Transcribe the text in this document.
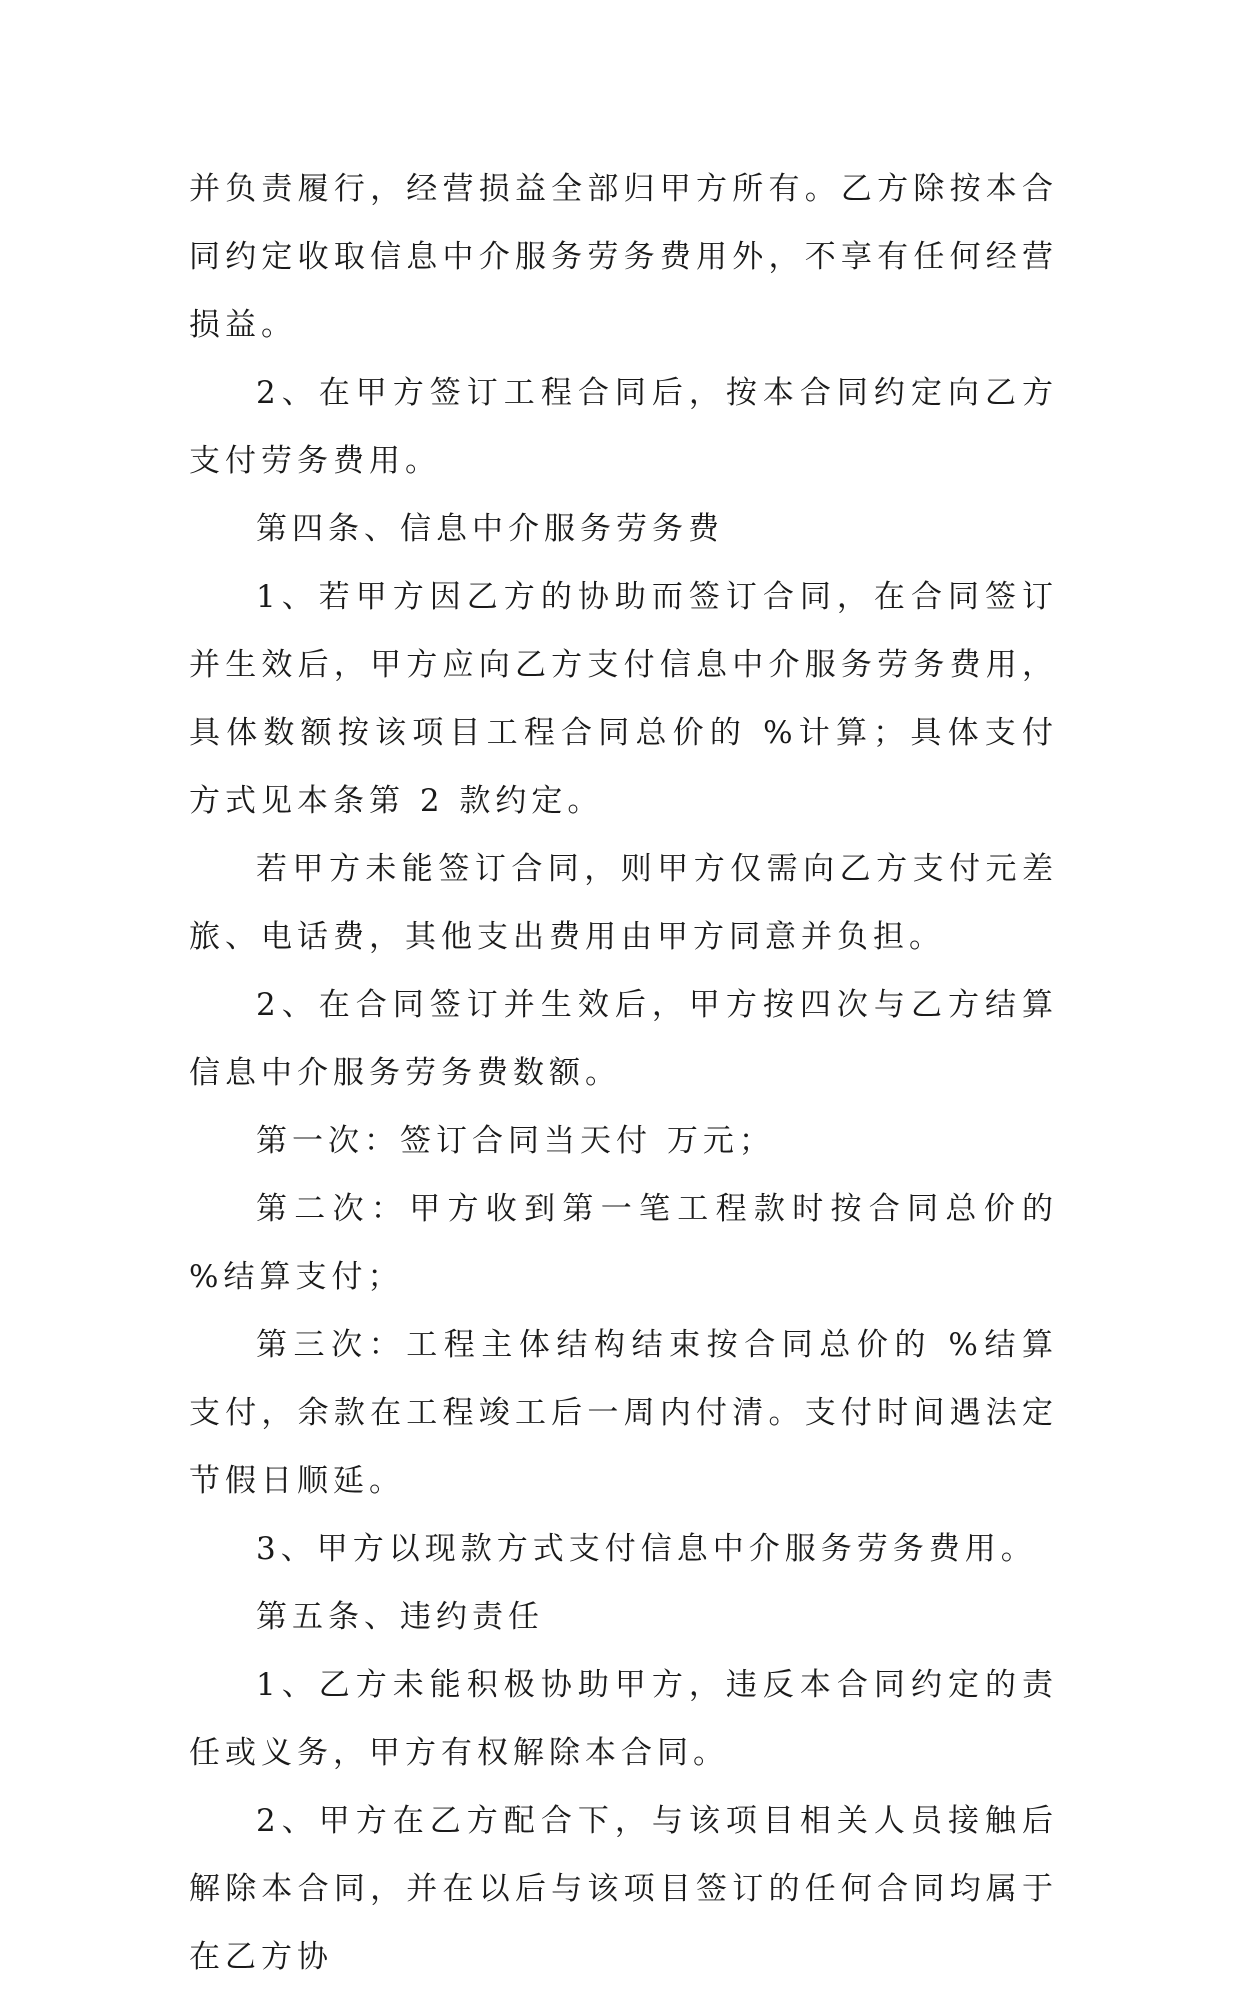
并负责履行，经营损益全部归甲方所有。乙方除按本合同约定收取信息中介服务劳务费用外，不享有任何经营损益。

2、在甲方签订工程合同后，按本合同约定向乙方支付劳务费用。

第四条、信息中介服务劳务费

1、若甲方因乙方的协助而签订合同，在合同签订并生效后，甲方应向乙方支付信息中介服务劳务费用，具体数额按该项目工程合同总价的 %计算；具体支付方式见本条第 2 款约定。

若甲方未能签订合同，则甲方仅需向乙方支付元差旅、电话费，其他支出费用由甲方同意并负担。

2、在合同签订并生效后，甲方按四次与乙方结算信息中介服务劳务费数额。

第一次：签订合同当天付 万元；

第二次：甲方收到第一笔工程款时按合同总价的 %结算支付；

第三次：工程主体结构结束按合同总价的 %结算支付，余款在工程竣工后一周内付清。支付时间遇法定节假日顺延。

3、甲方以现款方式支付信息中介服务劳务费用。

第五条、违约责任

1、乙方未能积极协助甲方，违反本合同约定的责任或义务，甲方有权解除本合同。

2、甲方在乙方配合下，与该项目相关人员接触后解除本合同，并在以后与该项目签订的任何合同均属于在乙方协
